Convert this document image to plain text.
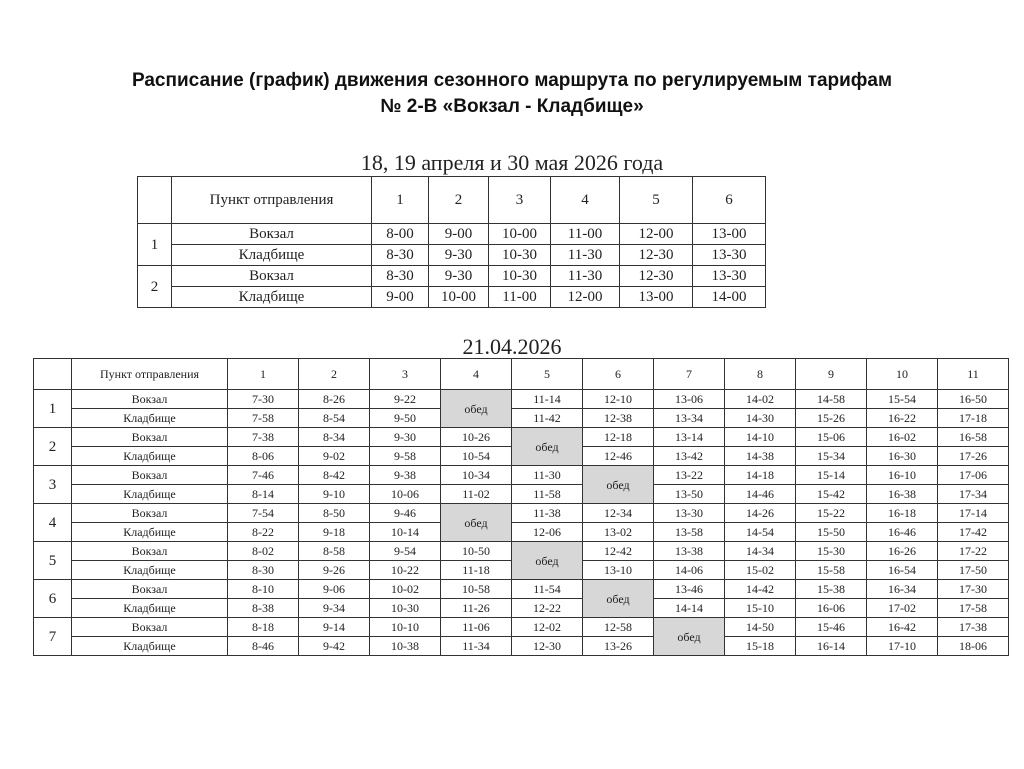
Расписание (график) движения сезонного маршрута по регулируемым тарифам
№ 2-В «Вокзал - Кладбище»
18, 19 апреля и 30 мая 2026 года
	Пункт отправления	1	2	3	4	5	6
1	Вокзал	8-00	9-00	10-00	11-00	12-00	13-00
	Кладбище	8-30	9-30	10-30	11-30	12-30	13-30
2	Вокзал	8-30	9-30	10-30	11-30	12-30	13-30
	Кладбище	9-00	10-00	11-00	12-00	13-00	14-00
21.04.2026
	Пункт отправления	1	2	3	4	5	6	7	8	9	10	11
1	Вокзал	7-30	8-26	9-22	обед	11-14	12-10	13-06	14-02	14-58	15-54	16-50
	Кладбище	7-58	8-54	9-50		11-42	12-38	13-34	14-30	15-26	16-22	17-18
2	Вокзал	7-38	8-34	9-30	10-26	обед	12-18	13-14	14-10	15-06	16-02	16-58
	Кладбище	8-06	9-02	9-58	10-54		12-46	13-42	14-38	15-34	16-30	17-26
3	Вокзал	7-46	8-42	9-38	10-34	11-30	обед	13-22	14-18	15-14	16-10	17-06
	Кладбище	8-14	9-10	10-06	11-02	11-58		13-50	14-46	15-42	16-38	17-34
4	Вокзал	7-54	8-50	9-46	обед	11-38	12-34	13-30	14-26	15-22	16-18	17-14
	Кладбище	8-22	9-18	10-14		12-06	13-02	13-58	14-54	15-50	16-46	17-42
5	Вокзал	8-02	8-58	9-54	10-50	обед	12-42	13-38	14-34	15-30	16-26	17-22
	Кладбище	8-30	9-26	10-22	11-18		13-10	14-06	15-02	15-58	16-54	17-50
6	Вокзал	8-10	9-06	10-02	10-58	11-54	обед	13-46	14-42	15-38	16-34	17-30
	Кладбище	8-38	9-34	10-30	11-26	12-22		14-14	15-10	16-06	17-02	17-58
7	Вокзал	8-18	9-14	10-10	11-06	12-02	12-58	обед	14-50	15-46	16-42	17-38
	Кладбище	8-46	9-42	10-38	11-34	12-30	13-26		15-18	16-14	17-10	18-06
